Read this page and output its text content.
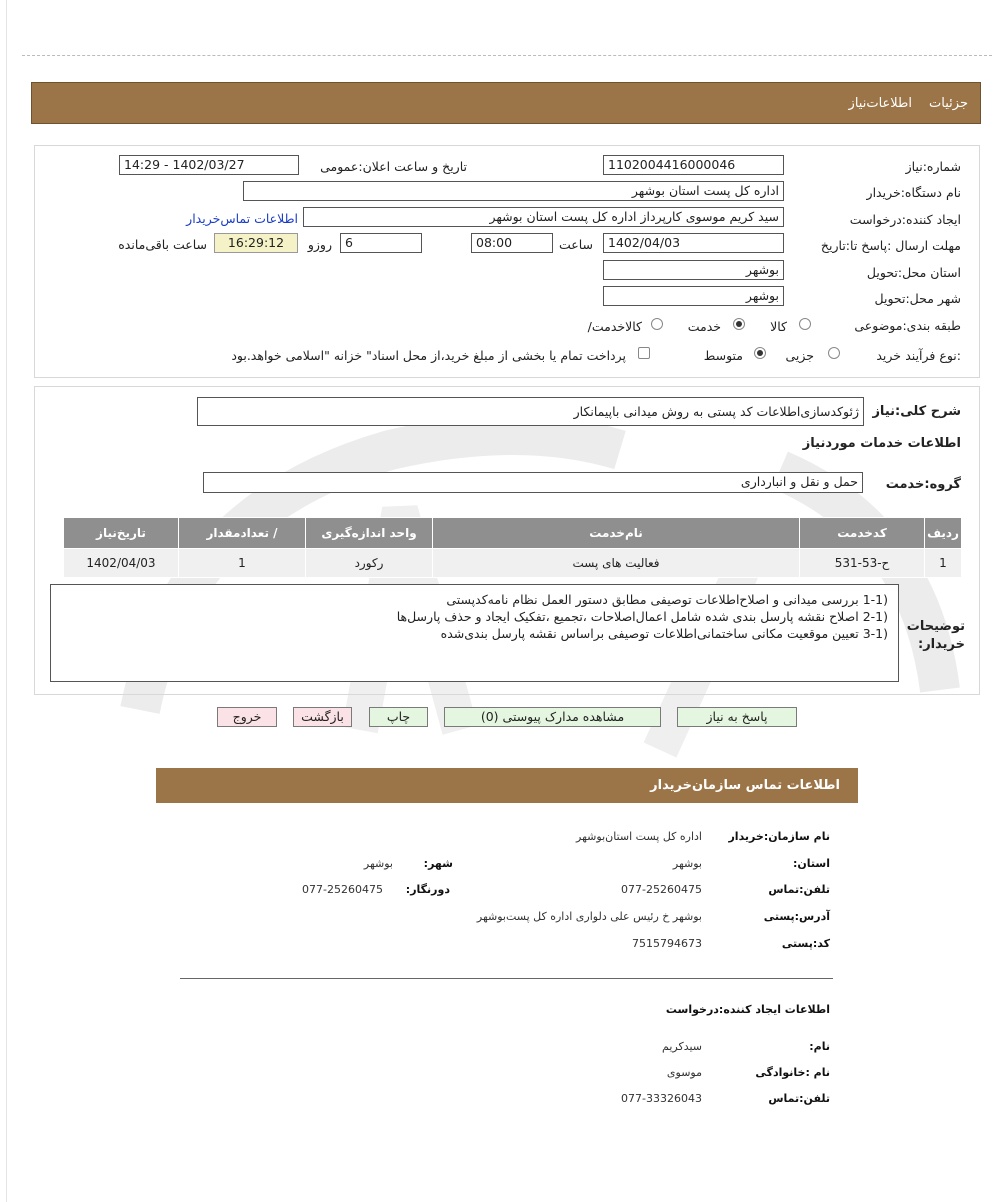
جزئيات
اطلاعات‌نیاز
شماره:نیاز
1102004416000046
تاریخ و ساعت اعلان:عمومی
1402/03/27 - 14:29
نام دستگاه:خریدار
اداره کل پست استان بوشهر
ایجاد کننده:درخواست
سید کریم موسوی کارپرداز اداره کل پست استان بوشهر
اطلاعات تماس‌خریدار
مهلت ارسال :پاسخ تا:تاریخ
1402/04/03
ساعت
08:00
6
روزو
16:29:12
ساعت باقی‌مانده
استان محل:تحویل
بوشهر
شهر محل:تحویل
بوشهر
طبقه بندی:موضوعی
کالا
خدمت
/کالاخدمت
نوع فرآیند:
خرید
جزیی
متوسط
پرداخت تمام یا بخشی از مبلغ خرید،از محل اسناد" خزانه "اسلامی خواهد.بود
شرح کلی:نیاز
ژئوکدسازی‌اطلاعات کد پستی به روش میدانی باپیمانکار
اطلاعات خدمات موردنیاز
گروه:خدمت
حمل و نقل و انبارداری
ردیف	کدخدمت	نام‌خدمت	واحد اندازه‌گیری	/ تعدادمقدار	تاریخ‌نیاز
1	ح-53-531	فعالیت های پست	رکورد	1	1402/04/03
توضیحات
:خریدار
(1-1 بررسی میدانی و اصلاح‌اطلاعات توصیفی مطابق دستور العمل نظام نامه‌کدپستی
(2-1 اصلاح نقشه پارسل بندی شده شامل اعمال‌اصلاحات ،تجمیع ،تفکیک ایجاد و حذف پارسل‌ها
(3-1 تعیین موقعیت مکانی ساختمانی‌اطلاعات توصیفی براساس نقشه پارسل بندی‌شده
پاسخ به نیاز
مشاهده مدارک پیوستی (0)
چاپ
بازگشت
خروج
اطلاعات تماس سازمان‌خریدار
نام سازمان:خریدار
اداره کل پست استان‌بوشهر
:استان
بوشهر
:شهر
بوشهر
تلفن:تماس
077-25260475
:دورنگار
077-25260475
آدرس:پستی
بوشهر خ رئیس علی دلواری اداره کل پست‌بوشهر
کد:پستی
7515794673
اطلاعات ایجاد کننده:درخواست
:نام
سیدکریم
نام :خانوادگی
موسوی
تلفن:تماس
077-33326043
